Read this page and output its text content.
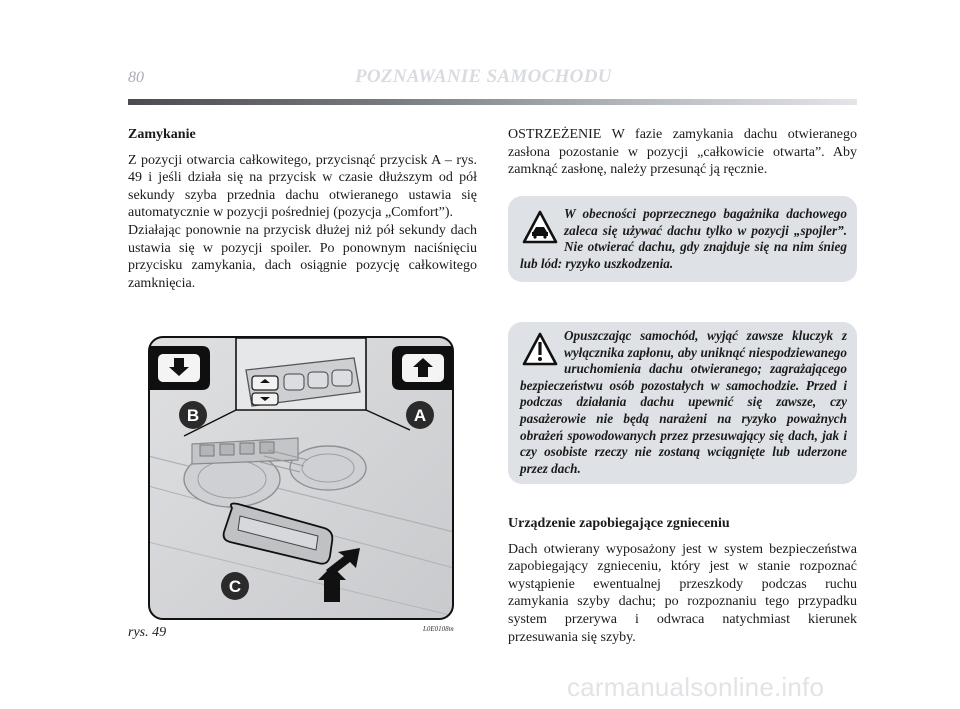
80	POZNAWANIE SAMOCHODU

Zamykanie

Z pozycji otwarcia całkowitego, przycisnąć przycisk A – rys. 49 i jeśli działa się na przycisk w czasie dłuższym od pół sekundy szyba przednia dachu otwieranego ustawia się automatycznie w pozycji pośredniej (pozycja „Comfort”).

Działając ponownie na przycisk dłużej niż pół sekundy dach ustawia się w pozycji spoiler. Po ponownym naciśnięciu przycisku zamykania, dach osiągnie pozycję całkowitego zamknięcia.

OSTRZEŻENIE W fazie zamykania dachu otwieranego zasłona pozostanie w pozycji „całkowicie otwarta”. Aby zamknąć zasłonę, należy przesunąć ją ręcznie.

W obecności poprzecznego bagażnika dachowego zaleca się używać dachu tylko w pozycji „spojler”. Nie otwierać dachu, gdy znajduje się na nim śnieg lub lód: ryzyko uszkodzenia.
Opuszczając samochód, wyjąć zawsze kluczyk z wyłącznika zapłonu, aby uniknąć niespodziewanego uruchomienia dachu otwieranego; zagrażającego bezpieczeństwu osób pozostałych w samochodzie. Przed i podczas działania dachu upewnić się zawsze, czy pasażerowie nie będą narażeni na ryzyko poważnych obrażeń spowodowanych przez przesuwający się dach, jak i czy osobiste rzeczy nie zostaną wciągnięte lub uderzone przez dach.

Urządzenie zapobiegające zgnieceniu

Dach otwierany wyposażony jest w system bezpieczeństwa zapobiegający zgnieceniu, który jest w stanie rozpoznać wystąpienie ewentualnej przeszkody podczas ruchu zamykania szyby dachu; po rozpoznaniu tego przypadku system przerywa i odwraca natychmiast kierunek przesuwania się szyby.

B	A
C
rys. 49	L0E0108m
carmanualsonline.info
